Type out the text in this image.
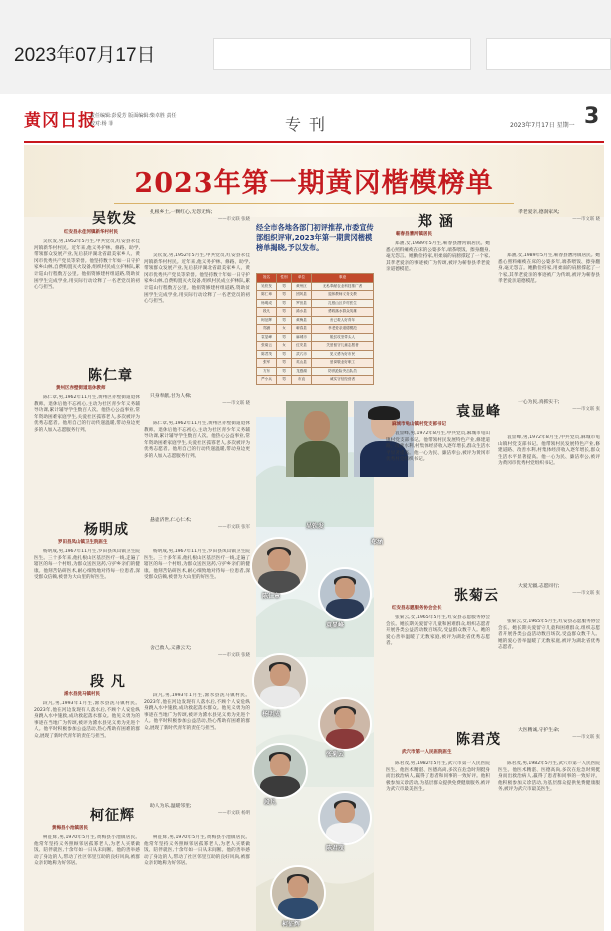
2023年07月17日
黄冈日报
责任编辑:彭爱芳 版面编辑:柴卓胜 责任校对:杨 菲	专刊	2023年7月17日 星期一 3
2023年第一期黄冈楷模榜单
吴钦发
红安县永佳河镇新华村村民

吴钦发,男,1952年5月生,中共党员,红安县永佳河镇新华村村民。近年来,他义务护林、修路、助学,带领群众发展产业,先后获评湖北省最美家乡人、黄冈市优秀共产党员等荣誉。他坚持数十年如一日守护家乡山林,自费购置灭火设备,组织村民成立护林队,累计巡山行程数万公里。他捐资修建村组道路,资助贫困学生完成学业,用实际行动诠释了一名老党员的初心与担当。

扎根乡土,一颗红心,无怨无悔;
——市文联 张晓

吴钦发,男,1952年5月生,中共党员,红安县永佳河镇新华村村民。近年来,他义务护林、修路、助学,带领群众发展产业,先后获评湖北省最美家乡人、黄冈市优秀共产党员等荣誉。他坚持数十年如一日守护家乡山林,自费购置灭火设备,组织村民成立护林队,累计巡山行程数万公里。他捐资修建村组道路,资助贫困学生完成学业,用实际行动诠释了一名老党员的初心与担当。

陈仁章
黄州区赤壁街道退休教师

陈仁章,男,1962年11月生,黄州区赤壁街道退休教师。退休后他不忘初心,主动为社区青少年义务辅导功课,累计辅导学生数百人次。他热心公益事业,常年资助困难家庭学生,关爱社区孤寡老人,多次被评为优秀志愿者。他用自己的行动传递温暖,带动身边更多的人加入志愿服务行列。

只身奉献,甘为人梯;
——市文联 晓

陈仁章,男,1962年11月生,黄州区赤壁街道退休教师。退休后他不忘初心,主动为社区青少年义务辅导功课,累计辅导学生数百人次。他热心公益事业,常年资助困难家庭学生,关爱社区孤寡老人,多次被评为优秀志愿者。他用自己的行动传递温暖,带动身边更多的人加入志愿服务行列。

杨明成
罗田县凤山镇卫生院医生

杨明成,男,1967年11月生,罗田县凤山镇卫生院医生。三十多年来,他扎根山区基层医疗一线,走遍了辖区的每一个村组,为群众送医送药,守护乡亲们的健康。他刻苦钻研医术,耐心细致地对待每一位患者,深受群众信赖,被誉为大山里的好医生。

悬壶济世,仁心仁术;
——市文联 张军

杨明成,男,1967年11月生,罗田县凤山镇卫生院医生。三十多年来,他扎根山区基层医疗一线,走遍了辖区的每一个村组,为群众送医送药,守护乡亲们的健康。他刻苦钻研医术,耐心细致地对待每一位患者,深受群众信赖,被誉为大山里的好医生。

段 凡
浠水县洗马镇村民

段凡,男,1993年1月生,浠水县洗马镇村民。2023年,他在河边发现有人落水后,不顾个人安危纵身跳入水中施救,成功救起落水群众。他见义勇为的事迹在当地广为传颂,被评为浠水县见义勇为先进个人。他平时积极参加公益活动,热心帮助有困难的群众,展现了新时代青年的责任与担当。

舍己救人,义薄云天;
——市文联 张晓

段凡,男,1993年1月生,浠水县洗马镇村民。2023年,他在河边发现有人落水后,不顾个人安危纵身跳入水中施救,成功救起落水群众。他见义勇为的事迹在当地广为传颂,被评为浠水县见义勇为先进个人。他平时积极参加公益活动,热心帮助有困难的群众,展现了新时代青年的责任与担当。

柯征辉
黄梅县小池镇居民

柯征辉,男,1970年5月生,黄梅县小池镇居民。他常年坚持义务照顾邻居孤寡老人,为老人买菜做饭、陪伴就医,十余年如一日从未间断。他的善举感动了身边的人,带动了社区邻里互助的良好风尚,被群众亲切地称为好邻居。

助人为乐,温暖邻里;
——市文联 杨明

柯征辉,男,1970年5月生,黄梅县小池镇居民。他常年坚持义务照顾邻居孤寡老人,为老人买菜做饭、陪伴就医,十余年如一日从未间断。他的善举感动了身边的人,带动了社区邻里互助的良好风尚,被群众亲切地称为好邻居。

经全市各地各部门初评推荐,市委宣传部组织评审,2023年第一期黄冈楷模榜单揭晓,予以发布。
姓名	性别	单位	事迹
吴钦发	男	黄州区	无私奉献农业科技推广者
陈仁章	男	团风县	退休教师义务支教
杨明成	男	罗田县	扎根山区乡村医生
段凡	男	浠水县	勇救落水群众英雄
柯征辉	男	黄梅县	舍己救人好青年
郑涵	女	蕲春县	孝老爱亲道德模范
袁显峰	男	麻城市	脱贫攻坚带头人
张菊云	女	红安县	关爱留守儿童志愿者
陈君茂	男	武穴市	见义勇为好市民
张军	男	英山县	爱岗敬业好职工
方东	男	龙感湖	防汛抢险突击队员
严小兵	男	市直	诚实守信经营者
陈仁章
袁显峰
杨明成
张菊云
段凡
陈君茂
柯征辉
吴钦发
郑涵
郑 涵
蕲春县漕河镇居民
孝老爱亲,德润家风;
——市文联 晓

郑涵,女,1989年5月生,蕲春县漕河镇居民。她悉心照料瘫痪在床的公婆多年,端茶喂饭、擦身翻身,毫无怨言。她勤俭持家,用柔弱的肩膀撑起了一个家,其孝老爱亲的事迹被广为传颂,被评为蕲春县孝老爱亲道德模范。

郑涵,女,1989年5月生,蕲春县漕河镇居民。她悉心照料瘫痪在床的公婆多年,端茶喂饭、擦身翻身,毫无怨言。她勤俭持家,用柔弱的肩膀撑起了一个家,其孝老爱亲的事迹被广为传颂,被评为蕲春县孝老爱亲道德模范。

袁显峰
麻城市龟山镇村党支部书记
一心为民,真抓实干;
——市文联 张

袁显峰,男,1972年8月生,中共党员,麻城市龟山镇村党支部书记。他带领村民发展特色产业,修建道路、改善水利,村集体经济收入逐年增长,群众生活水平显著提高。他一心为民、廉洁奉公,被评为黄冈市优秀村党组织书记。

袁显峰,男,1972年8月生,中共党员,麻城市龟山镇村党支部书记。他带领村民发展特色产业,修建道路、改善水利,村集体经济收入逐年增长,群众生活水平显著提高。他一心为民、廉洁奉公,被评为黄冈市优秀村党组织书记。

张菊云
红安县志愿服务协会会长
大爱无疆,志愿同行;
——市文联 张

张菊云,女,1965年5月生,红安县志愿服务协会会长。她长期关爱留守儿童和困难群众,组织志愿者开展各类公益活动数百场次,受益群众数千人。她的爱心善举温暖了无数家庭,被评为湖北省优秀志愿者。

张菊云,女,1965年5月生,红安县志愿服务协会会长。她长期关爱留守儿童和困难群众,组织志愿者开展各类公益活动数百场次,受益群众数千人。她的爱心善举温暖了无数家庭,被评为湖北省优秀志愿者。

陈君茂
武穴市第一人民医院医生
大医精诚,守护生命;
——市文联 张

陈君茂,男,1982年5月生,武穴市第一人民医院医生。他医术精湛、医德高尚,多次在危急时刻挺身而出救治病人,赢得了患者和同事的一致好评。他积极参加义诊活动,为基层群众提供免费健康服务,被评为武穴市最美医生。

陈君茂,男,1982年5月生,武穴市第一人民医院医生。他医术精湛、医德高尚,多次在危急时刻挺身而出救治病人,赢得了患者和同事的一致好评。他积极参加义诊活动,为基层群众提供免费健康服务,被评为武穴市最美医生。
